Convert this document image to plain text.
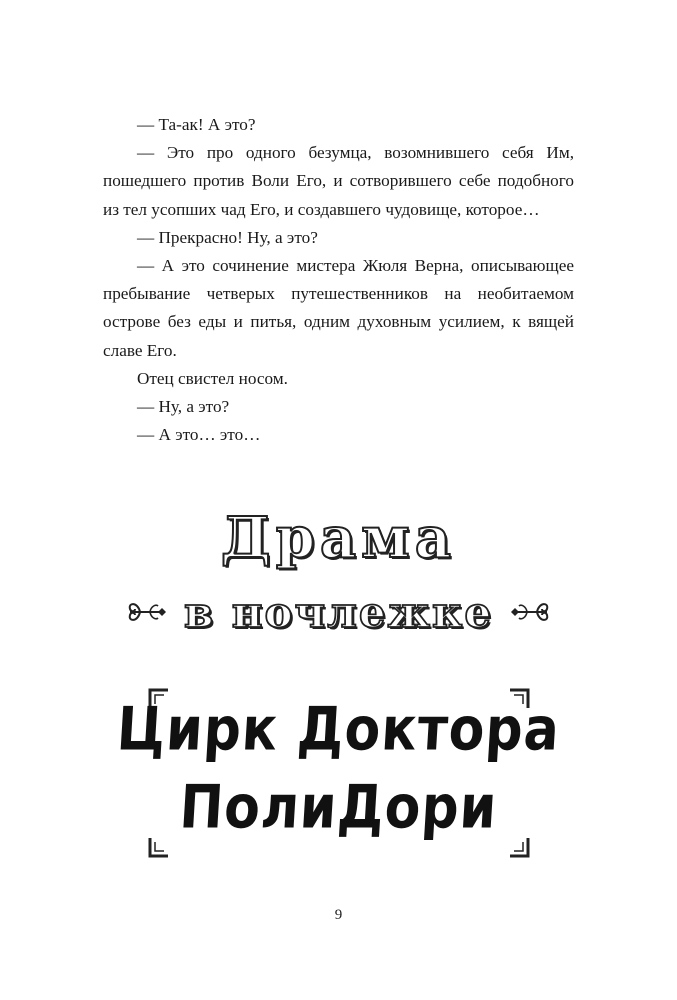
— Та-ак! А это?

— Это про одного безумца, возомнившего себя Им, пошедшего против Воли Его, и сотворившего себе подобного из тел усопших чад Его, и создавшего чудовище, которое…

— Прекрасно! Ну, а это?

— А это сочинение мистера Жюля Верна, описывающее пребывание четверых путешественников на необитаемом острове без еды и питья, одним духовным усилием, к вящей славе Его.

Отец свистел носом.

— Ну, а это?

— А это… это…

Драма
в ночлежке
Цирк Доктора
ПолиДори
9
